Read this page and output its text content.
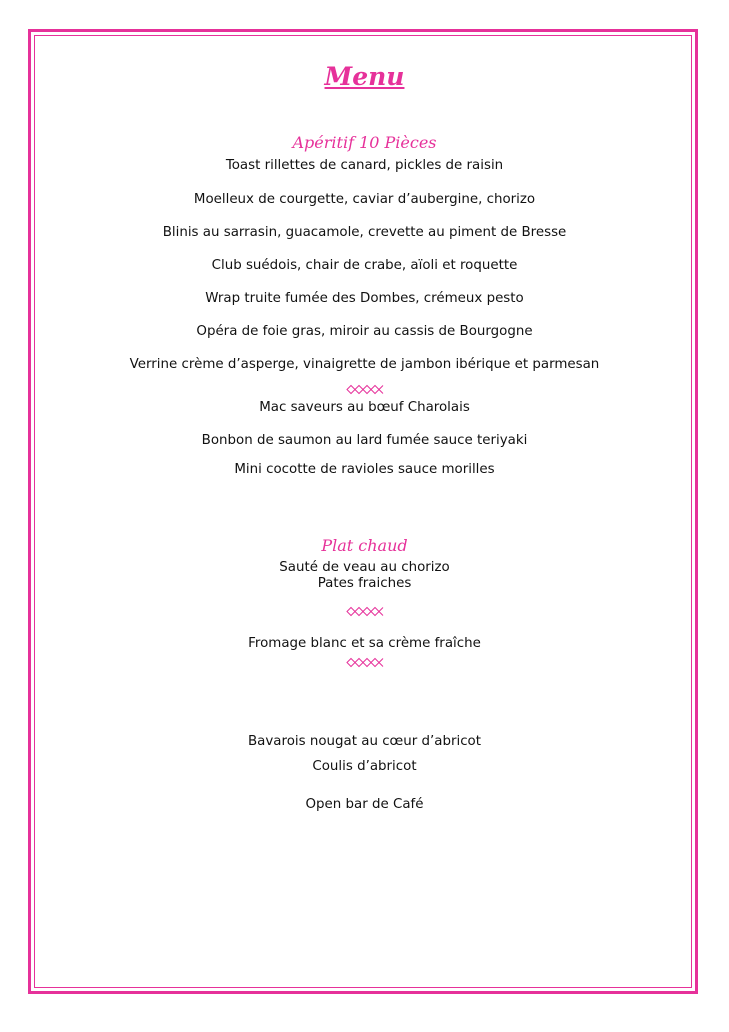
Menu
Apéritif 10 Pièces
Toast rillettes de canard, pickles de raisin
Moelleux de courgette, caviar d’aubergine, chorizo
Blinis au sarrasin, guacamole, crevette au piment de Bresse
Club suédois, chair de crabe, aïoli et roquette
Wrap truite fumée des Dombes, crémeux pesto
Opéra de foie gras, miroir au cassis de Bourgogne
Verrine crème d’asperge, vinaigrette de jambon ibérique et parmesan
Mac saveurs au bœuf Charolais
Bonbon de saumon au lard fumée sauce teriyaki
Mini cocotte de ravioles sauce morilles
Plat chaud
Sauté de veau au chorizo
Pates fraiches
Fromage blanc et sa crème fraîche
Bavarois nougat au cœur d’abricot
Coulis d’abricot
Open bar de Café
